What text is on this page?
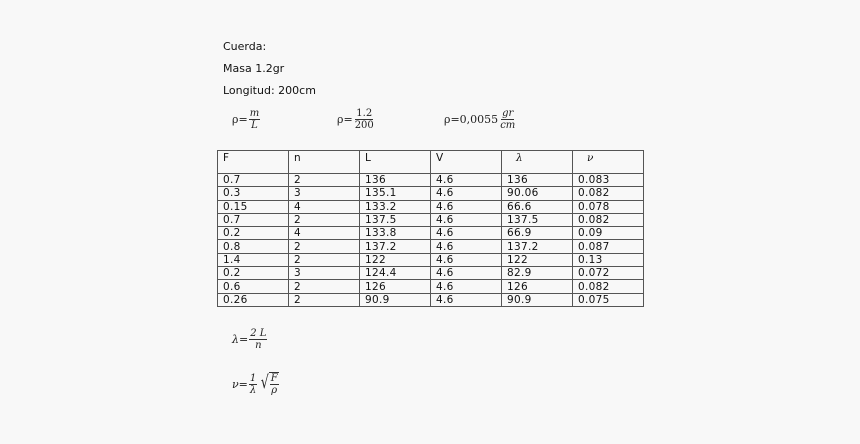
Cuerda:
Masa 1.2gr
Longitud: 200cm
$\rho= \frac{m}{L}$	$\rho= \frac{1.2}{200}$	$\rho=0,0055 \frac{gr}{cm}$
F	n	L	V	λ	ν
0.7	2	136	4.6	136	0.083
0.3	3	135.1	4.6	90.06	0.082
0.15	4	133.2	4.6	66.6	0.078
0.7	2	137.5	4.6	137.5	0.082
0.2	4	133.8	4.6	66.9	0.09
0.8	2	137.2	4.6	137.2	0.087
1.4	2	122	4.6	122	0.13
0.2	3	124.4	4.6	82.9	0.072
0.6	2	126	4.6	126	0.082
0.26	2	90.9	4.6	90.9	0.075
$\lambda= \frac{2 L}{n}$
$\nu= \frac{1}{\lambda}$ √ $\frac{F}{\rho}$
